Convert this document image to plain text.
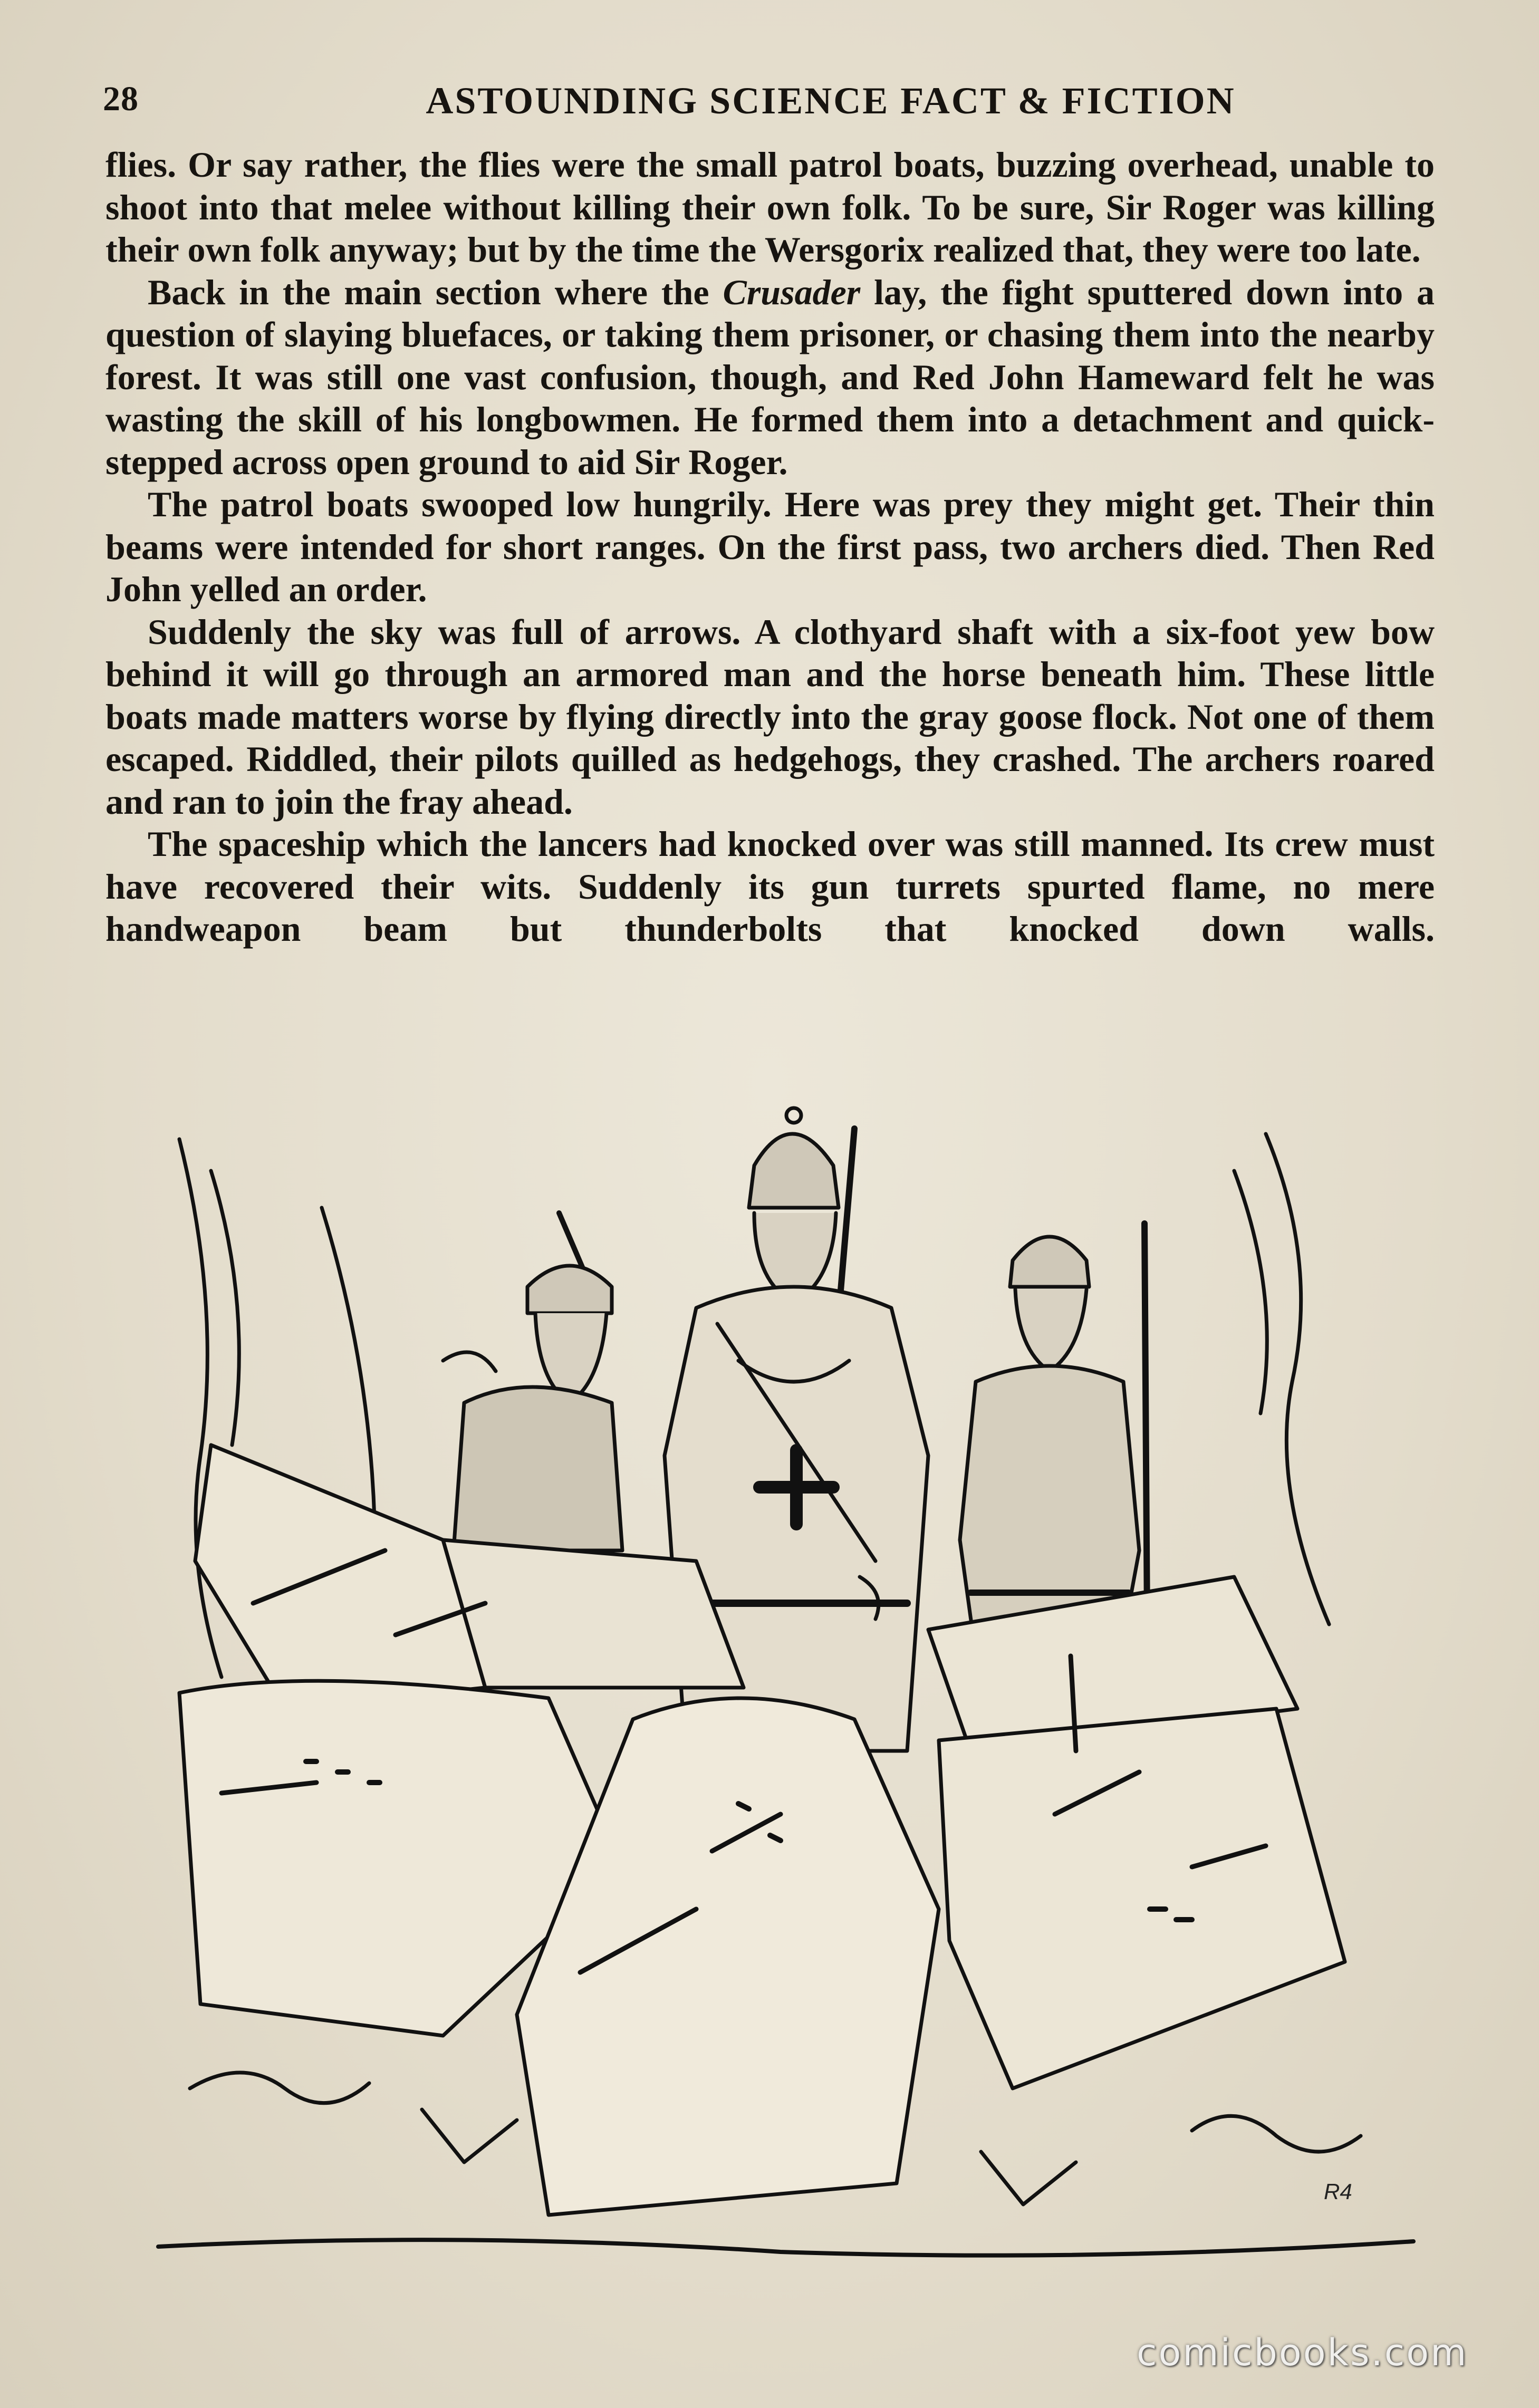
28	ASTOUNDING SCIENCE FACT & FICTION

flies. Or say rather, the flies were the small patrol boats, buzzing overhead, unable to shoot into that melee without killing their own folk. To be sure, Sir Roger was killing their own folk anyway; but by the time the Wersgorix realized that, they were too late.

Back in the main section where the Crusader lay, the fight sputtered down into a question of slaying bluefaces, or taking them prisoner, or chasing them into the nearby forest. It was still one vast confusion, though, and Red John Hameward felt he was wasting the skill of his longbowmen. He formed them into a detachment and quick-stepped across open ground to aid Sir Roger.

The patrol boats swooped low hungrily. Here was prey they might get. Their thin beams were intended for short ranges. On the first pass, two archers died. Then Red John yelled an order.

Suddenly the sky was full of arrows. A clothyard shaft with a six-foot yew bow behind it will go through an armored man and the horse beneath him. These little boats made matters worse by flying directly into the gray goose flock. Not one of them escaped. Riddled, their pilots quilled as hedgehogs, they crashed. The archers roared and ran to join the fray ahead.

The spaceship which the lancers had knocked over was still manned. Its crew must have recovered their wits. Suddenly its gun turrets spurted flame, no mere handweapon beam but thunderbolts that knocked down walls.

R4
comicbooks.com
